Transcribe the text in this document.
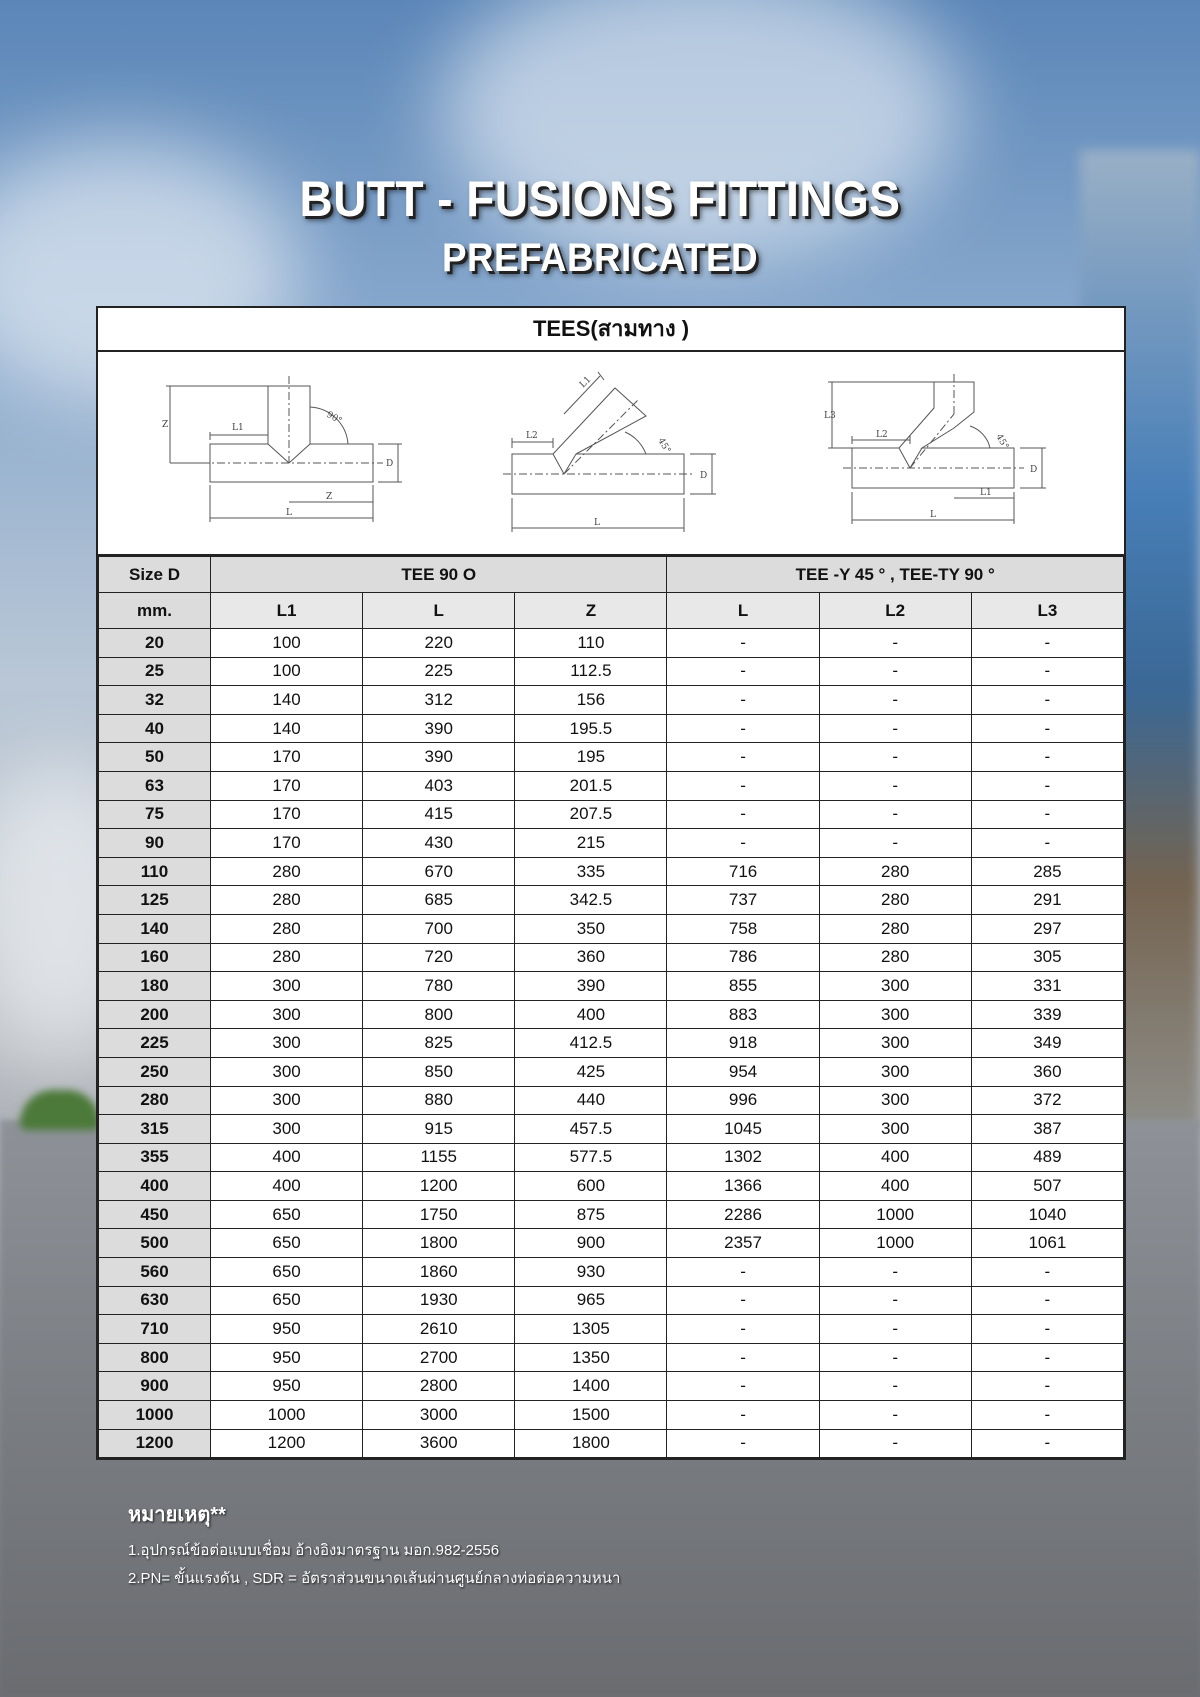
BUTT - FUSIONS FITTINGS
PREFABRICATED
TEES(สามทาง )
Z	L1
90°
D
Z
L
L1
L2
45°
D
L
L3
L2	45°
D
L1
L
Size D	TEE 90 O			TEE -Y 45 ° , TEE-TY 90 °		
mm.	L1	L	Z	L	L2	L3
20	100	220	110	-	-	-
25	100	225	112.5	-	-	-
32	140	312	156	-	-	-
40	140	390	195.5	-	-	-
50	170	390	195	-	-	-
63	170	403	201.5	-	-	-
75	170	415	207.5	-	-	-
90	170	430	215	-	-	-
110	280	670	335	716	280	285
125	280	685	342.5	737	280	291
140	280	700	350	758	280	297
160	280	720	360	786	280	305
180	300	780	390	855	300	331
200	300	800	400	883	300	339
225	300	825	412.5	918	300	349
250	300	850	425	954	300	360
280	300	880	440	996	300	372
315	300	915	457.5	1045	300	387
355	400	1155	577.5	1302	400	489
400	400	1200	600	1366	400	507
450	650	1750	875	2286	1000	1040
500	650	1800	900	2357	1000	1061
560	650	1860	930	-	-	-
630	650	1930	965	-	-	-
710	950	2610	1305	-	-	-
800	950	2700	1350	-	-	-
900	950	2800	1400	-	-	-
1000	1000	3000	1500	-	-	-
1200	1200	3600	1800	-	-	-
หมายเหตุ**
1.อุปกรณ์ข้อต่อแบบเชื่อม อ้างอิงมาตรฐาน มอก.982-2556
2.PN= ขั้นแรงดัน , SDR = อัตราส่วนขนาดเส้นผ่านศูนย์กลางท่อต่อความหนา
